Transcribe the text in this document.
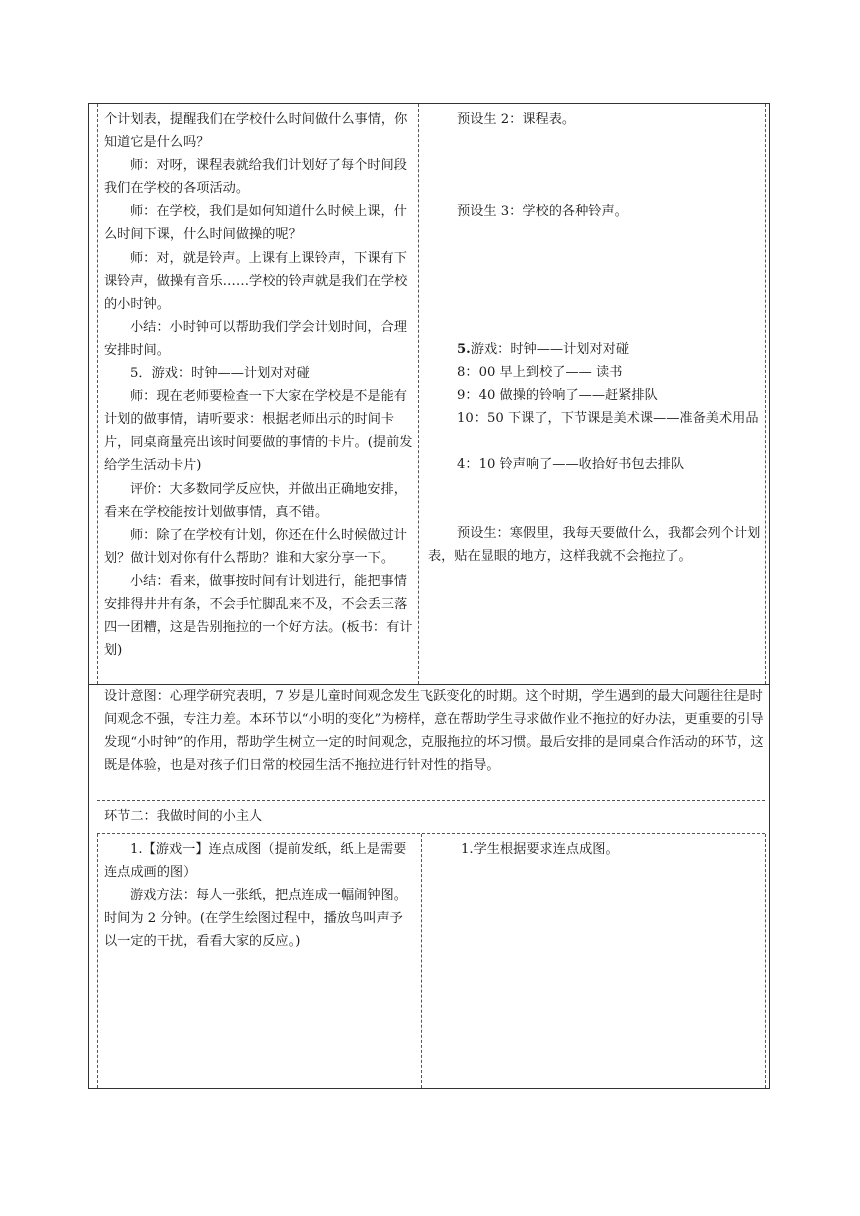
个计划表，提醒我们在学校什么时间做什么事情，你知道它是什么吗？

师：对呀，课程表就给我们计划好了每个时间段我们在学校的各项活动。

师：在学校，我们是如何知道什么时候上课，什么时间下课，什么时间做操的呢？

师：对，就是铃声。上课有上课铃声，下课有下课铃声，做操有音乐……学校的铃声就是我们在学校的小时钟。

小结：小时钟可以帮助我们学会计划时间，合理安排时间。

5．游戏：时钟——计划对对碰

师：现在老师要检查一下大家在学校是不是能有计划的做事情，请听要求：根据老师出示的时间卡片，同桌商量亮出该时间要做的事情的卡片。(提前发给学生活动卡片)

评价：大多数同学反应快，并做出正确地安排，看来在学校能按计划做事情，真不错。

师：除了在学校有计划，你还在什么时候做过计划？做计划对你有什么帮助？谁和大家分享一下。

小结：看来，做事按时间有计划进行，能把事情安排得井井有条，不会手忙脚乱来不及，不会丢三落四一团糟，这是告别拖拉的一个好方法。(板书：有计划)

预设生 2：课程表。

预设生 3：学校的各种铃声。

5.游戏：时钟——计划对对碰

8：00 早上到校了—— 读书

9：40 做操的铃响了——赶紧排队

10：50 下课了，下节课是美术课——准备美术用品

4：10 铃声响了——收拾好书包去排队

预设生：寒假里，我每天要做什么，我都会列个计划表，贴在显眼的地方，这样我就不会拖拉了。

设计意图：心理学研究表明，7 岁是儿童时间观念发生飞跃变化的时期。这个时期，学生遇到的最大问题往往是时间观念不强，专注力差。本环节以“小明的变化”为榜样，意在帮助学生寻求做作业不拖拉的好办法，更重要的引导发现“小时钟”的作用，帮助学生树立一定的时间观念，克服拖拉的坏习惯。最后安排的是同桌合作活动的环节，这既是体验，也是对孩子们日常的校园生活不拖拉进行针对性的指导。

环节二：我做时间的小主人

1.【游戏一】连点成图（提前发纸，纸上是需要连点成画的图）

游戏方法：每人一张纸，把点连成一幅闹钟图。时间为 2 分钟。(在学生绘图过程中，播放鸟叫声予以一定的干扰，看看大家的反应。)

1.学生根据要求连点成图。
